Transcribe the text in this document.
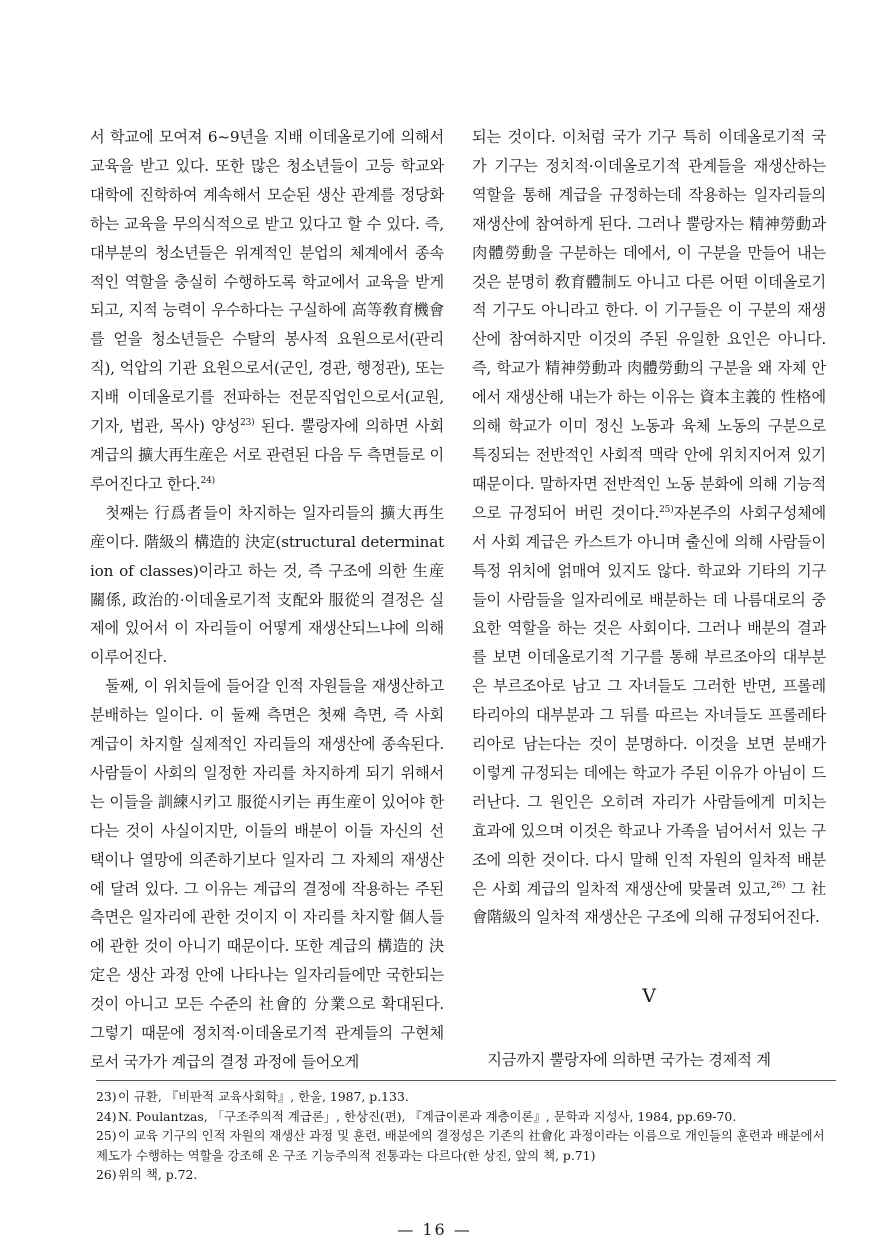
서 학교에 모여져 6~9년을 지배 이데올로기에 의해서 교육을 받고 있다. 또한 많은 청소년들이 고등 학교와 대학에 진학하여 계속해서 모순된 생산 관계를 정당화하는 교육을 무의식적으로 받고 있다고 할 수 있다. 즉, 대부분의 청소년들은 위계적인 분업의 체계에서 종속적인 역할을 충실히 수행하도록 학교에서 교육을 받게 되고, 지적 능력이 우수하다는 구실하에 高等敎育機會를 얻을 청소년들은 수탈의 봉사적 요원으로서(관리직), 억압의 기관 요원으로서(군인, 경관, 행정관), 또는 지배 이데올로기를 전파하는 전문직업인으로서(교원, 기자, 법관, 목사) 양성$^{23)}$ 된다. 뿔랑자에 의하면 사회 계급의 擴大再生産은 서로 관련된 다음 두 측면들로 이루어진다고 한다.$^{24)}$

첫째는 行爲者들이 차지하는 일자리들의 擴大再生産이다. 階級의 構造的 決定(structural determination of classes)이라고 하는 것, 즉 구조에 의한 生産關係, 政治的·이데올로기적 支配와 服從의 결정은 실제에 있어서 이 자리들이 어떻게 재생산되느냐에 의해 이루어진다.

둘째, 이 위치들에 들어갈 인적 자원들을 재생산하고 분배하는 일이다. 이 둘째 측면은 첫째 측면, 즉 사회 계급이 차지할 실제적인 자리들의 재생산에 종속된다. 사람들이 사회의 일정한 자리를 차지하게 되기 위해서는 이들을 訓練시키고 服從시키는 再生産이 있어야 한다는 것이 사실이지만, 이들의 배분이 이들 자신의 선택이나 열망에 의존하기보다 일자리 그 자체의 재생산에 달려 있다. 그 이유는 계급의 결정에 작용하는 주된 측면은 일자리에 관한 것이지 이 자리를 차지할 個人들에 관한 것이 아니기 때문이다. 또한 계급의 構造的 決定은 생산 과정 안에 나타나는 일자리들에만 국한되는 것이 아니고 모든 수준의 社會的 分業으로 확대된다. 그렇기 때문에 정치적·이데올로기적 관계들의 구현체로서 국가가 계급의 결정 과정에 들어오게

되는 것이다. 이처럼 국가 기구 특히 이데올로기적 국가 기구는 정치적·이데올로기적 관계들을 재생산하는 역할을 통해 계급을 규정하는데 작용하는 일자리들의 재생산에 참여하게 된다. 그러나 뿔랑자는 精神勞動과 肉體勞動을 구분하는 데에서, 이 구분을 만들어 내는 것은 분명히 敎育體制도 아니고 다른 어떤 이데올로기적 기구도 아니라고 한다. 이 기구들은 이 구분의 재생산에 참여하지만 이것의 주된 유일한 요인은 아니다. 즉, 학교가 精神勞動과 肉體勞動의 구분을 왜 자체 안에서 재생산해 내는가 하는 이유는 資本主義的 性格에 의해 학교가 이미 정신 노동과 육체 노동의 구분으로 특징되는 전반적인 사회적 맥락 안에 위치지어져 있기 때문이다. 말하자면 전반적인 노동 분화에 의해 기능적으로 규정되어 버린 것이다.$^{25)}$자본주의 사회구성체에서 사회 계급은 카스트가 아니며 출신에 의해 사람들이 특정 위치에 얽매여 있지도 않다. 학교와 기타의 기구들이 사람들을 일자리에로 배분하는 데 나름대로의 중요한 역할을 하는 것은 사회이다. 그러나 배분의 결과를 보면 이데올로기적 기구를 통해 부르조아의 대부분은 부르조아로 남고 그 자녀들도 그러한 반면, 프롤레타리아의 대부분과 그 뒤를 따르는 자녀들도 프롤레타리아로 남는다는 것이 분명하다. 이것을 보면 분배가 이렇게 규정되는 데에는 학교가 주된 이유가 아님이 드러난다. 그 원인은 오히려 자리가 사람들에게 미치는 효과에 있으며 이것은 학교나 가족을 넘어서서 있는 구조에 의한 것이다. 다시 말해 인적 자원의 일차적 배분은 사회 계급의 일차적 재생산에 맞물려 있고,$^{26)}$ 그 社會階級의 일차적 재생산은 구조에 의해 규정되어진다.

V

지금까지 뿔랑자에 의하면 국가는 경제적 계

23)이 규환, 『비판적 교육사회학』, 한울, 1987, p.133.
24)N. Poulantzas, 「구조주의적 계급론」, 한상진(편), 『계급이론과 계층이론』, 문학과 지성사, 1984, pp.69-70.
25)이 교육 기구의 인적 자원의 재생산 과정 및 훈련, 배분에의 결정성은 기존의 社會化 과정이라는 이름으로 개인들의 훈련과 배분에서 제도가 수행하는 역할을 강조해 온 구조 기능주의적 전통과는 다르다(한 상진, 앞의 책, p.71)
26)위의 책, p.72.
— 16 —
